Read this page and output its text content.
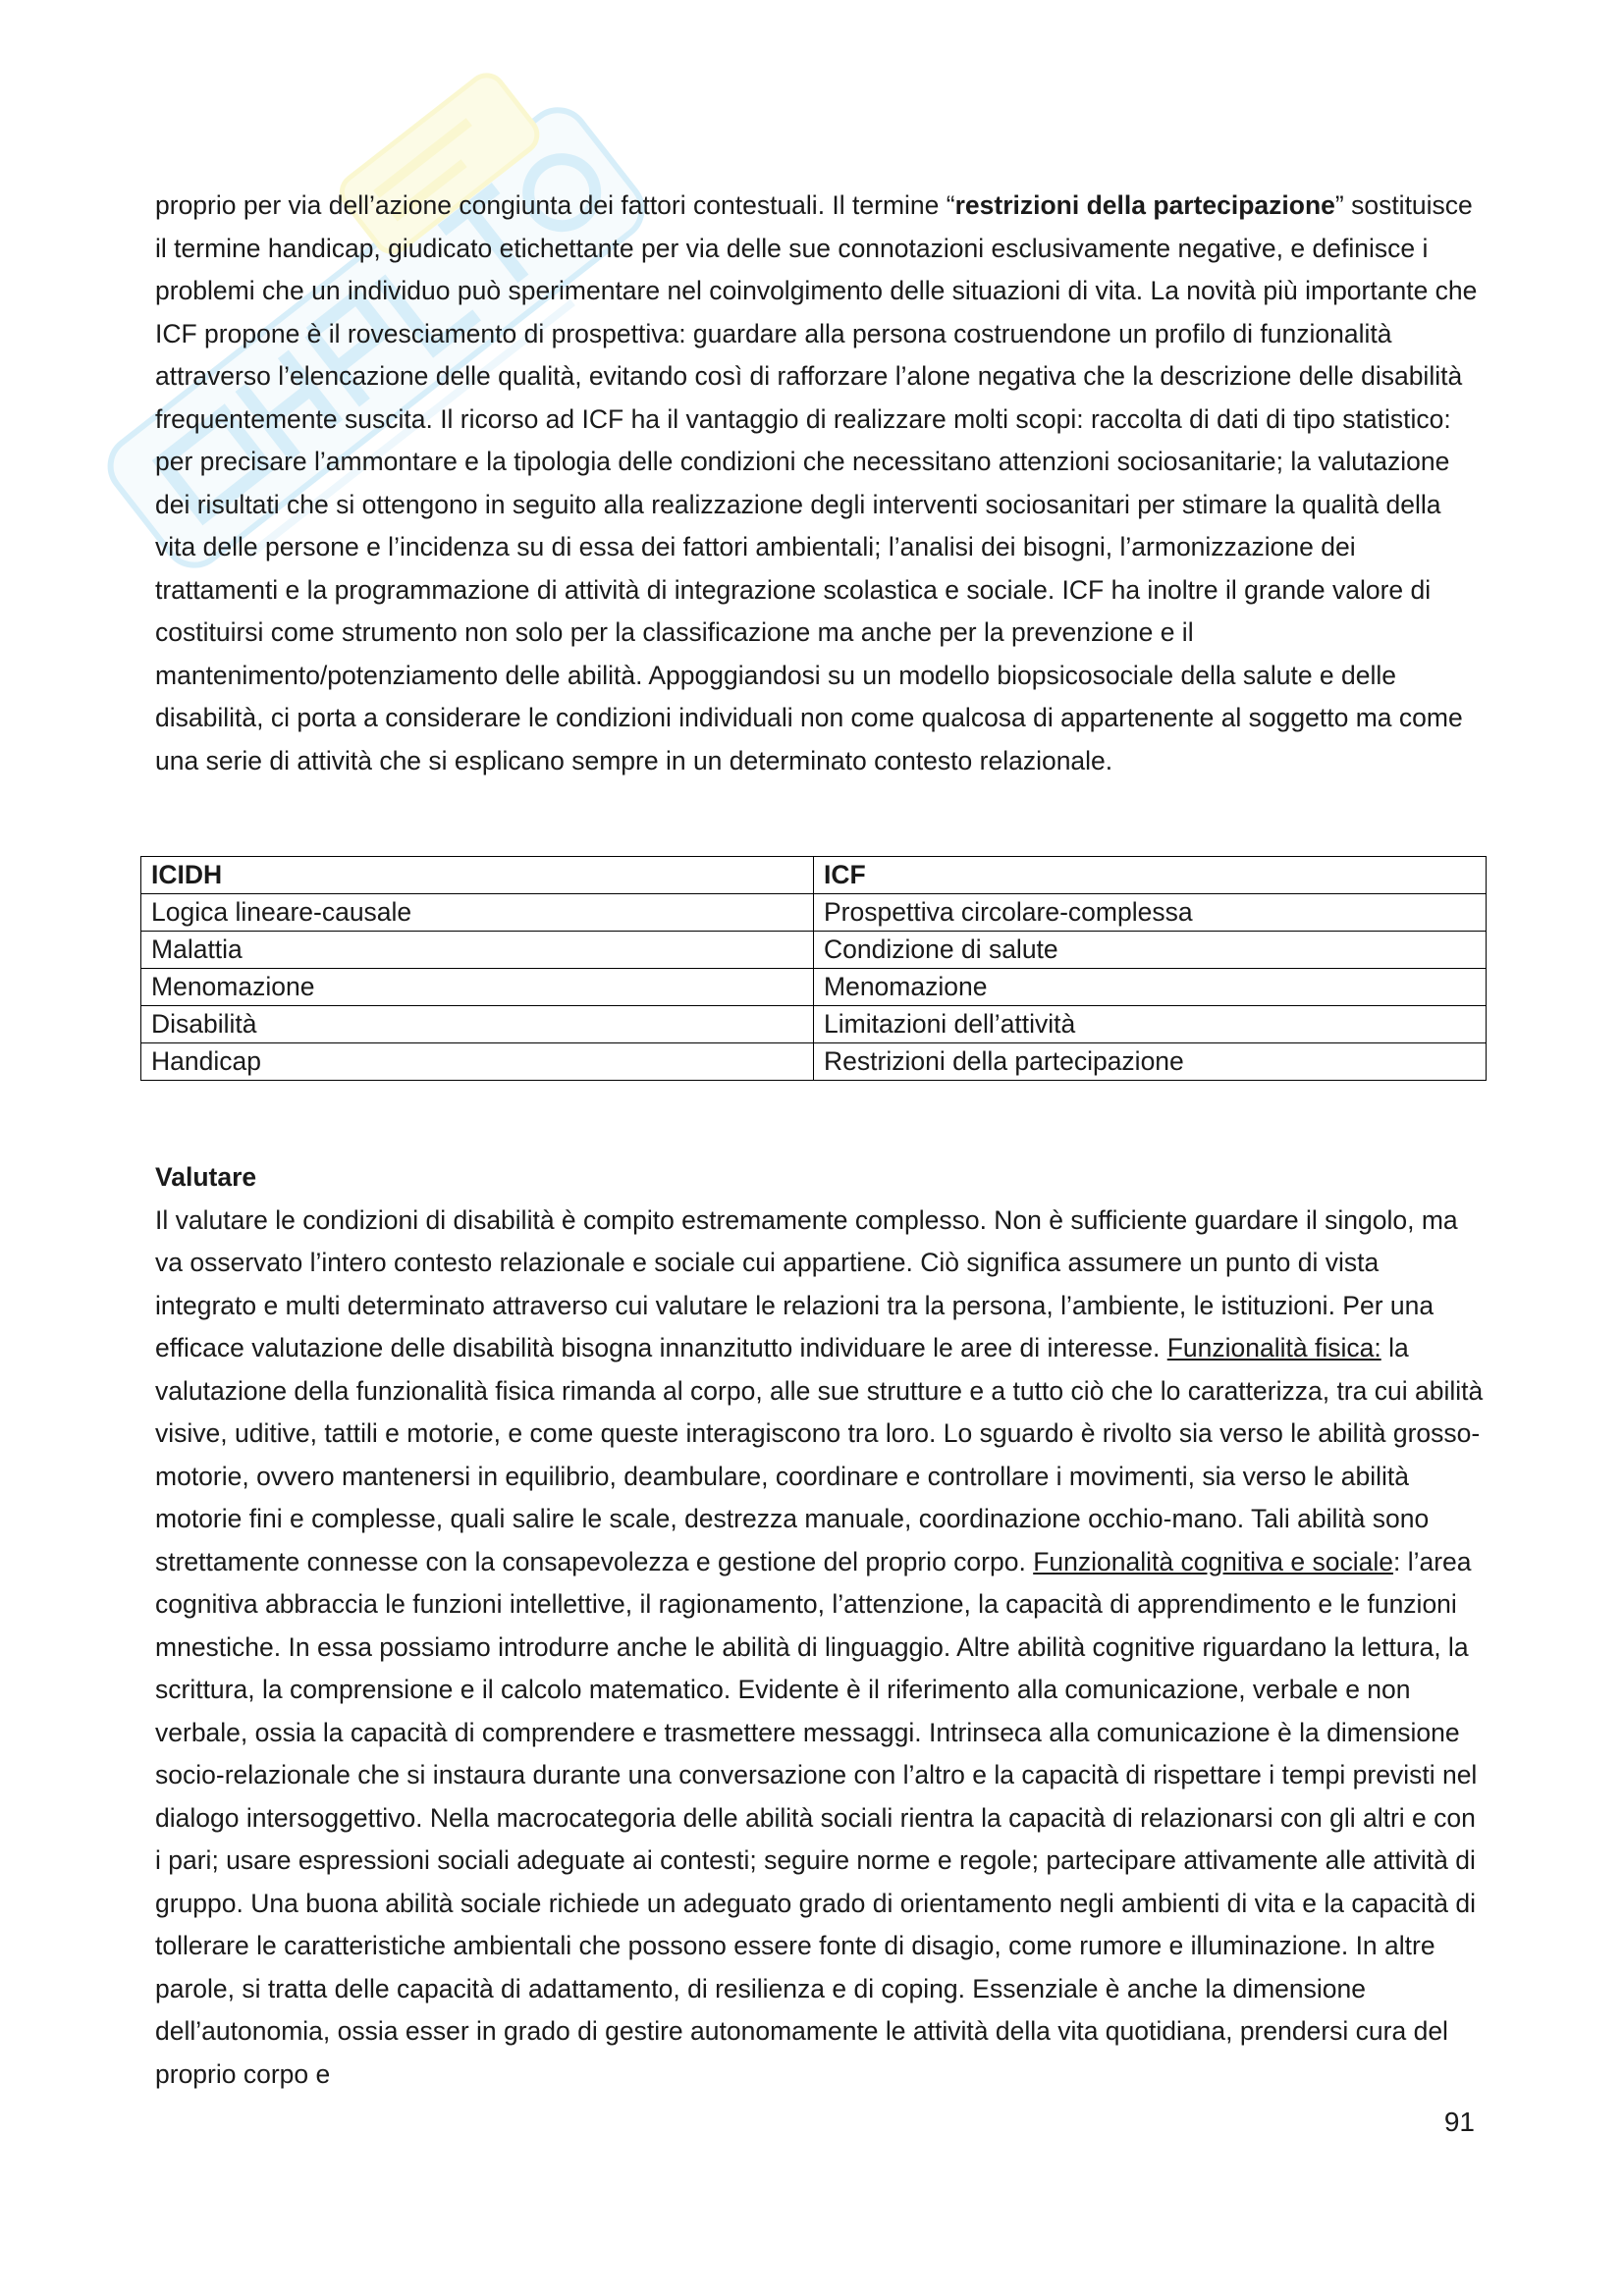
proprio per via dell’azione congiunta dei fattori contestuali. Il termine “restrizioni della partecipazione” sostituisce il termine handicap, giudicato etichettante per via delle sue connotazioni esclusivamente negative, e definisce i problemi che un individuo può sperimentare nel coinvolgimento delle situazioni di vita. La novità più importante che ICF propone è il rovesciamento di prospettiva: guardare alla persona costruendone un profilo di funzionalità attraverso l’elencazione delle qualità, evitando così di rafforzare l’alone negativa che la descrizione delle disabilità frequentemente suscita. Il ricorso ad ICF ha il vantaggio di realizzare molti scopi: raccolta di dati di tipo statistico: per precisare l’ammontare e la tipologia delle condizioni che necessitano attenzioni sociosanitarie; la valutazione dei risultati che si ottengono in seguito alla realizzazione degli interventi sociosanitari per stimare la qualità della vita delle persone e l’incidenza su di essa dei fattori ambientali; l’analisi dei bisogni, l’armonizzazione dei trattamenti e la programmazione di attività di integrazione scolastica e sociale. ICF ha inoltre il grande valore di costituirsi come strumento non solo per la classificazione ma anche per la prevenzione e il mantenimento/potenziamento delle abilità. Appoggiandosi su un modello biopsicosociale della salute e delle disabilità, ci porta a considerare le condizioni individuali non come qualcosa di appartenente al soggetto ma come una serie di attività che si esplicano sempre in un determinato contesto relazionale.

ICIDH	ICF
Logica lineare-causale	Prospettiva circolare-complessa
Malattia	Condizione di salute
Menomazione	Menomazione
Disabilità	Limitazioni dell’attività
Handicap	Restrizioni della partecipazione

Valutare

Il valutare le condizioni di disabilità è compito estremamente complesso. Non è sufficiente guardare il singolo, ma va osservato l’intero contesto relazionale e sociale cui appartiene. Ciò significa assumere un punto di vista integrato e multi determinato attraverso cui valutare le relazioni tra la persona, l’ambiente, le istituzioni. Per una efficace valutazione delle disabilità bisogna innanzitutto individuare le aree di interesse. Funzionalità fisica: la valutazione della funzionalità fisica rimanda al corpo, alle sue strutture e a tutto ciò che lo caratterizza, tra cui abilità visive, uditive, tattili e motorie, e come queste interagiscono tra loro. Lo sguardo è rivolto sia verso le abilità grosso-motorie, ovvero mantenersi in equilibrio, deambulare, coordinare e controllare i movimenti, sia verso le abilità motorie fini e complesse, quali salire le scale, destrezza manuale, coordinazione occhio-mano. Tali abilità sono strettamente connesse con la consapevolezza e gestione del proprio corpo. Funzionalità cognitiva e sociale: l’area cognitiva abbraccia le funzioni intellettive, il ragionamento, l’attenzione, la capacità di apprendimento e le funzioni mnestiche. In essa possiamo introdurre anche le abilità di linguaggio. Altre abilità cognitive riguardano la lettura, la scrittura, la comprensione e il calcolo matematico. Evidente è il riferimento alla comunicazione, verbale e non verbale, ossia la capacità di comprendere e trasmettere messaggi. Intrinseca alla comunicazione è la dimensione socio-relazionale che si instaura durante una conversazione con l’altro e la capacità di rispettare i tempi previsti nel dialogo intersoggettivo. Nella macrocategoria delle abilità sociali rientra la capacità di relazionarsi con gli altri e con i pari; usare espressioni sociali adeguate ai contesti; seguire norme e regole; partecipare attivamente alle attività di gruppo. Una buona abilità sociale richiede un adeguato grado di orientamento negli ambienti di vita e la capacità di tollerare le caratteristiche ambientali che possono essere fonte di disagio, come rumore e illuminazione. In altre parole, si tratta delle capacità di adattamento, di resilienza e di coping. Essenziale è anche la dimensione dell’autonomia, ossia esser in grado di gestire autonomamente le attività della vita quotidiana, prendersi cura del proprio corpo e

91
